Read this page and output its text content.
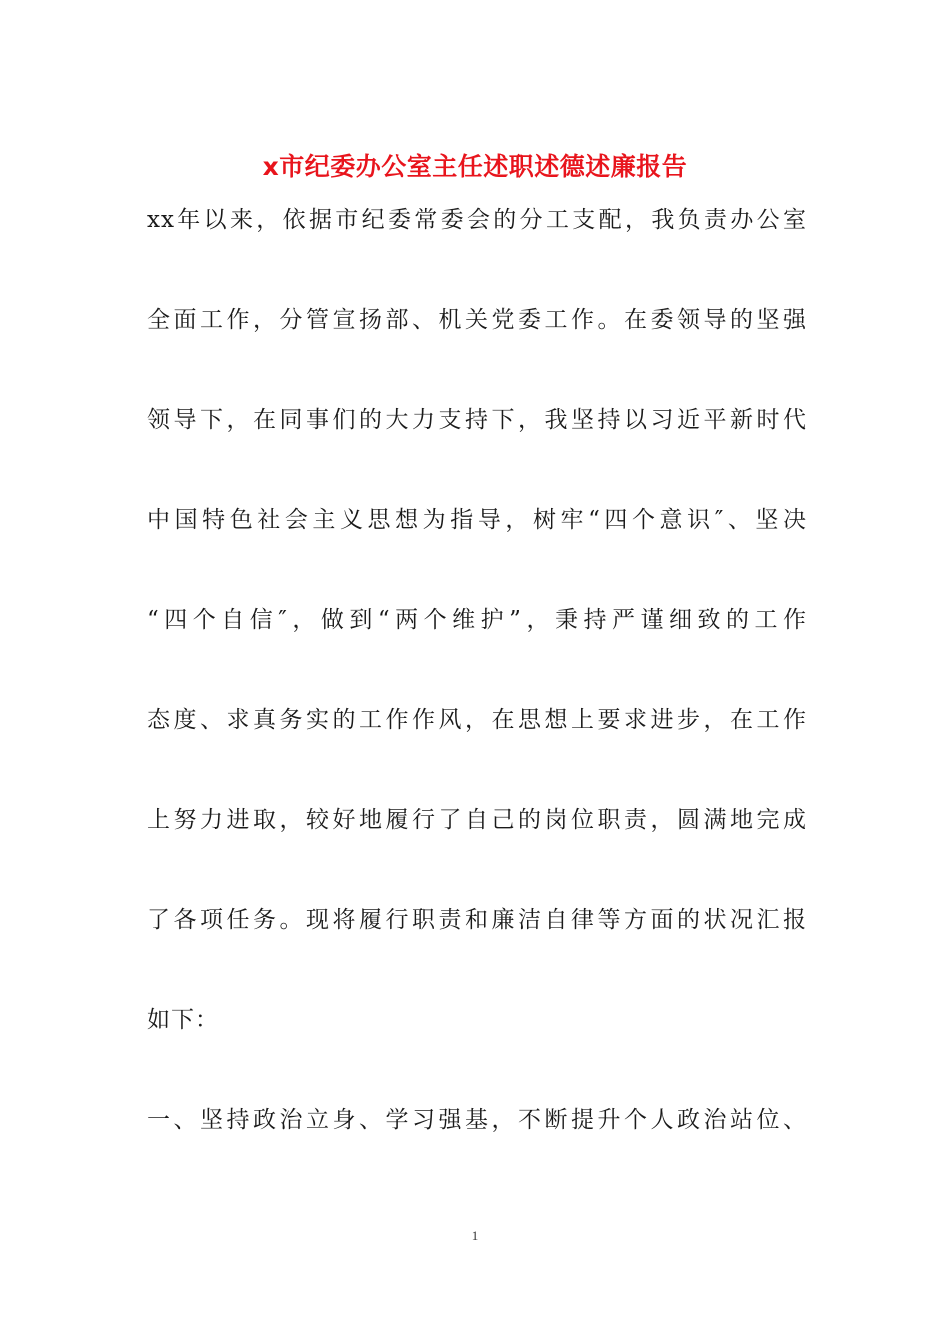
x市纪委办公室主任述职述德述廉报告
xx年以来，依据市纪委常委会的分工支配，我负责办公室
全面工作，分管宣扬部、机关党委工作。在委领导的坚强
领导下，在同事们的大力支持下，我坚持以习近平新时代
中国特色社会主义思想为指导，树牢“四个意识″、坚决
“四个自信″，做到“两个维护”，秉持严谨细致的工作
态度、求真务实的工作作风，在思想上要求进步，在工作
上努力进取，较好地履行了自己的岗位职责，圆满地完成
了各项任务。现将履行职责和廉洁自律等方面的状况汇报
如下：
一、坚持政治立身、学习强基，不断提升个人政治站位、
1
